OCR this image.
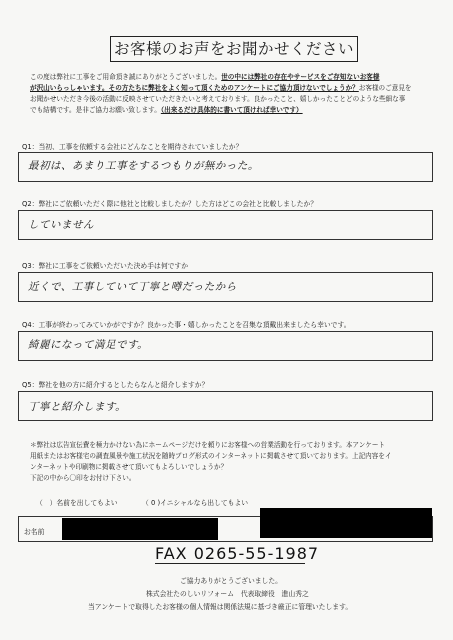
お客様のお声をお聞かせください
この度は弊社に工事をご用命頂き誠にありがとうございました。世の中には弊社の存在やサービスをご存知ないお客様
が沢山いらっしゃいます。その方たちに弊社をよく知って頂くためのアンケートにご協力頂けないでしょうか？お客様のご意見を
お聞かせいただき今後の活動に反映させていただきたいと考えております。良かったこと、嬉しかったことどのような些細な事
でも結構です。是非ご協力お願い致します。（出来るだけ具体的に書いて頂ければ幸いです）
Q1：当初、工事を依頼する会社にどんなことを期待されていましたか？
最初は、あまり工事をするつもりが無かった。
Q2：弊社にご依頼いただく際に他社と比較しましたか？した方はどこの会社と比較しましたか？
していません
Q3：弊社に工事をご依頼いただいた決め手は何ですか
近くで、工事していて丁寧と噂だったから
Q4：工事が終わってみていかがですか？良かった事・嬉しかったことを召集な頂戴出来ましたら幸いです。
綺麗になって満足です。
Q5：弊社を他の方に紹介するとしたらなんと紹介しますか？
丁寧と紹介します。
＊弊社は広告宣伝費を極力かけない為にホームページだけを頼りにお客様への営業活動を行っております。本アンケート
用紙またはお客様宅の調査風景や施工状況を随時ブログ形式のインターネットに掲載させて頂いております。上記内容をイ
ンターネットや印刷物に掲載させて頂いてもよろしいでしょうか？
下記の中から〇印をお付け下さい。
（　）名前を出してもよい	（ 0 )イニシャルなら出してもよい
お名前
FAX 0265-55-1987
ご協力ありがとうございました。
株式会社たのしいリフォーム　代表取締役　進山秀之
当アンケートで取得したお客様の個人情報は関係法規に基づき厳正に管理いたします。
